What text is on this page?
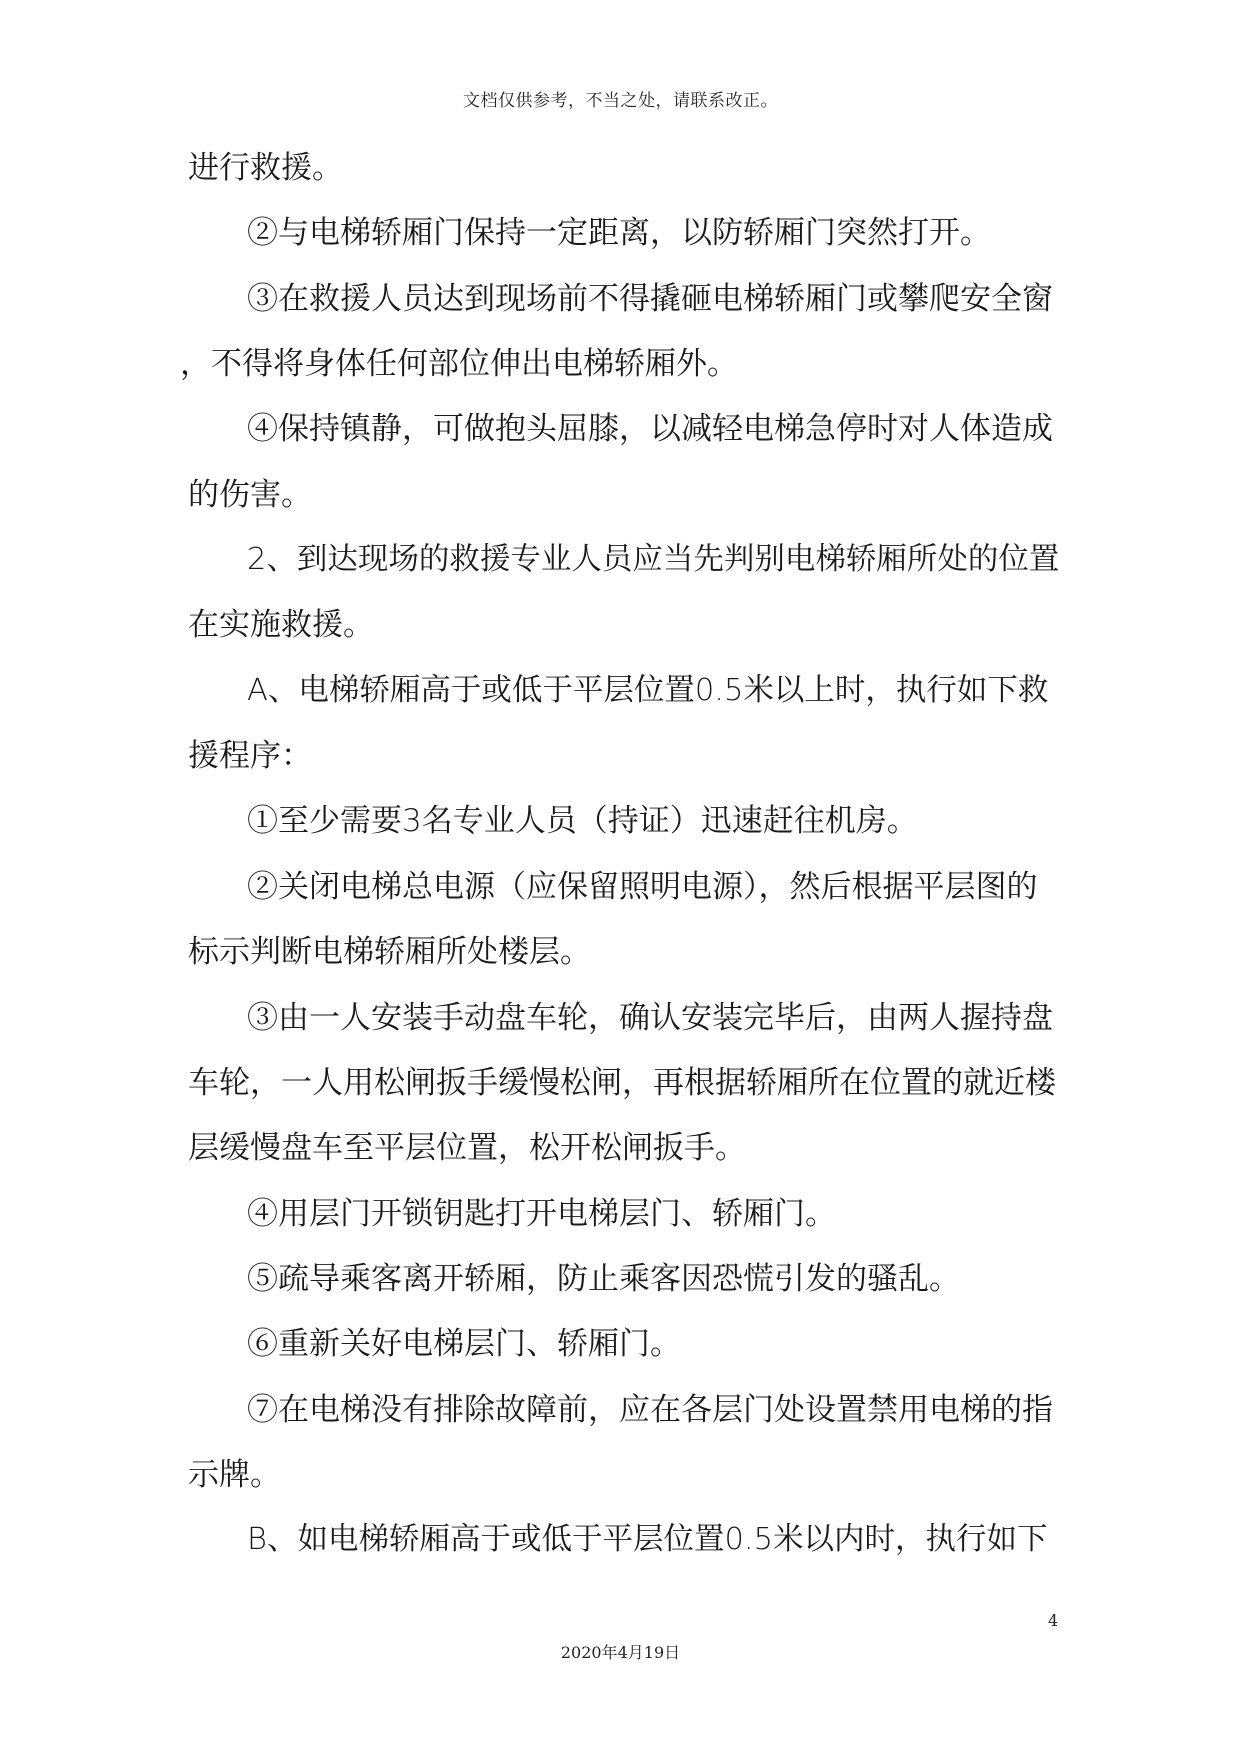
文档仅供参考，不当之处，请联系改正。
进行救援。
②与电梯轿厢门保持一定距离，以防轿厢门突然打开。
③在救援人员达到现场前不得撬砸电梯轿厢门或攀爬安全窗
，不得将身体任何部位伸出电梯轿厢外。
④保持镇静，可做抱头屈膝，以减轻电梯急停时对人体造成
的伤害。
2、到达现场的救援专业人员应当先判别电梯轿厢所处的位置
在实施救援。
A、电梯轿厢高于或低于平层位置0.5米以上时，执行如下救
援程序：
①至少需要3名专业人员（持证）迅速赶往机房。
②关闭电梯总电源（应保留照明电源），然后根据平层图的
标示判断电梯轿厢所处楼层。
③由一人安装手动盘车轮，确认安装完毕后，由两人握持盘
车轮，一人用松闸扳手缓慢松闸，再根据轿厢所在位置的就近楼
层缓慢盘车至平层位置，松开松闸扳手。
④用层门开锁钥匙打开电梯层门、轿厢门。
⑤疏导乘客离开轿厢，防止乘客因恐慌引发的骚乱。
⑥重新关好电梯层门、轿厢门。
⑦在电梯没有排除故障前，应在各层门处设置禁用电梯的指
示牌。
B、如电梯轿厢高于或低于平层位置0.5米以内时，执行如下
4
2020年4月19日
